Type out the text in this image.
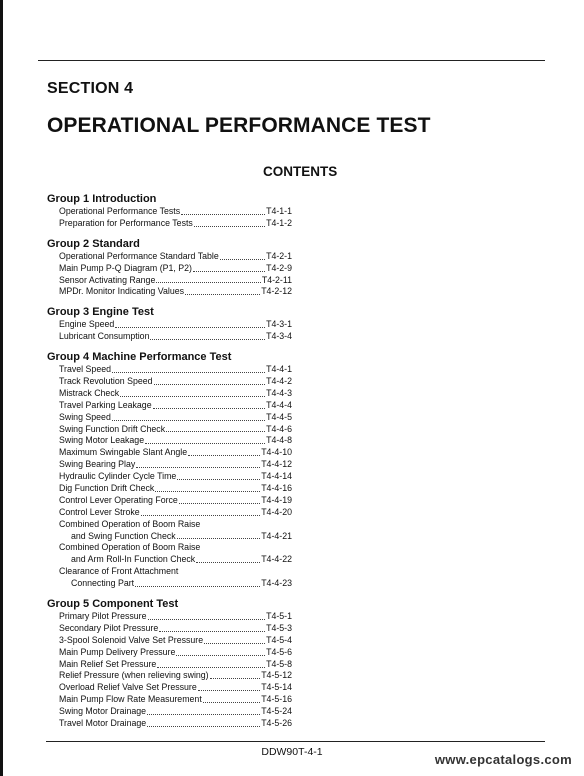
SECTION 4
OPERATIONAL PERFORMANCE TEST
CONTENTS
Group 1 Introduction
Operational Performance Tests	T4-1-1
Preparation for Performance Tests	T4-1-2
Group 2 Standard
Operational Performance Standard Table	T4-2-1
Main Pump P-Q Diagram (P1, P2)	T4-2-9
Sensor Activating Range	T4-2-11
MPDr. Monitor Indicating Values	T4-2-12
Group 3 Engine Test
Engine Speed	T4-3-1
Lubricant Consumption	T4-3-4
Group 4 Machine Performance Test
Travel Speed	T4-4-1
Track Revolution Speed	T4-4-2
Mistrack Check	T4-4-3
Travel Parking Leakage	T4-4-4
Swing Speed	T4-4-5
Swing Function Drift Check	T4-4-6
Swing Motor Leakage	T4-4-8
Maximum Swingable Slant Angle	T4-4-10
Swing Bearing Play	T4-4-12
Hydraulic Cylinder Cycle Time	T4-4-14
Dig Function Drift Check	T4-4-16
Control Lever Operating Force	T4-4-19
Control Lever Stroke	T4-4-20
Combined Operation of Boom Raise
and Swing Function Check	T4-4-21
Combined Operation of Boom Raise
and Arm Roll-In Function Check	T4-4-22
Clearance of Front Attachment
Connecting Part	T4-4-23
Group 5 Component Test
Primary Pilot Pressure	T4-5-1
Secondary Pilot Pressure	T4-5-3
3-Spool Solenoid Valve Set Pressure	T4-5-4
Main Pump Delivery Pressure	T4-5-6
Main Relief Set Pressure	T4-5-8
Relief Pressure (when relieving swing)	T4-5-12
Overload Relief Valve Set Pressure	T4-5-14
Main Pump Flow Rate Measurement	T4-5-16
Swing Motor Drainage	T4-5-24
Travel Motor Drainage	T4-5-26
DDW90T-4-1	www.epcatalogs.com
